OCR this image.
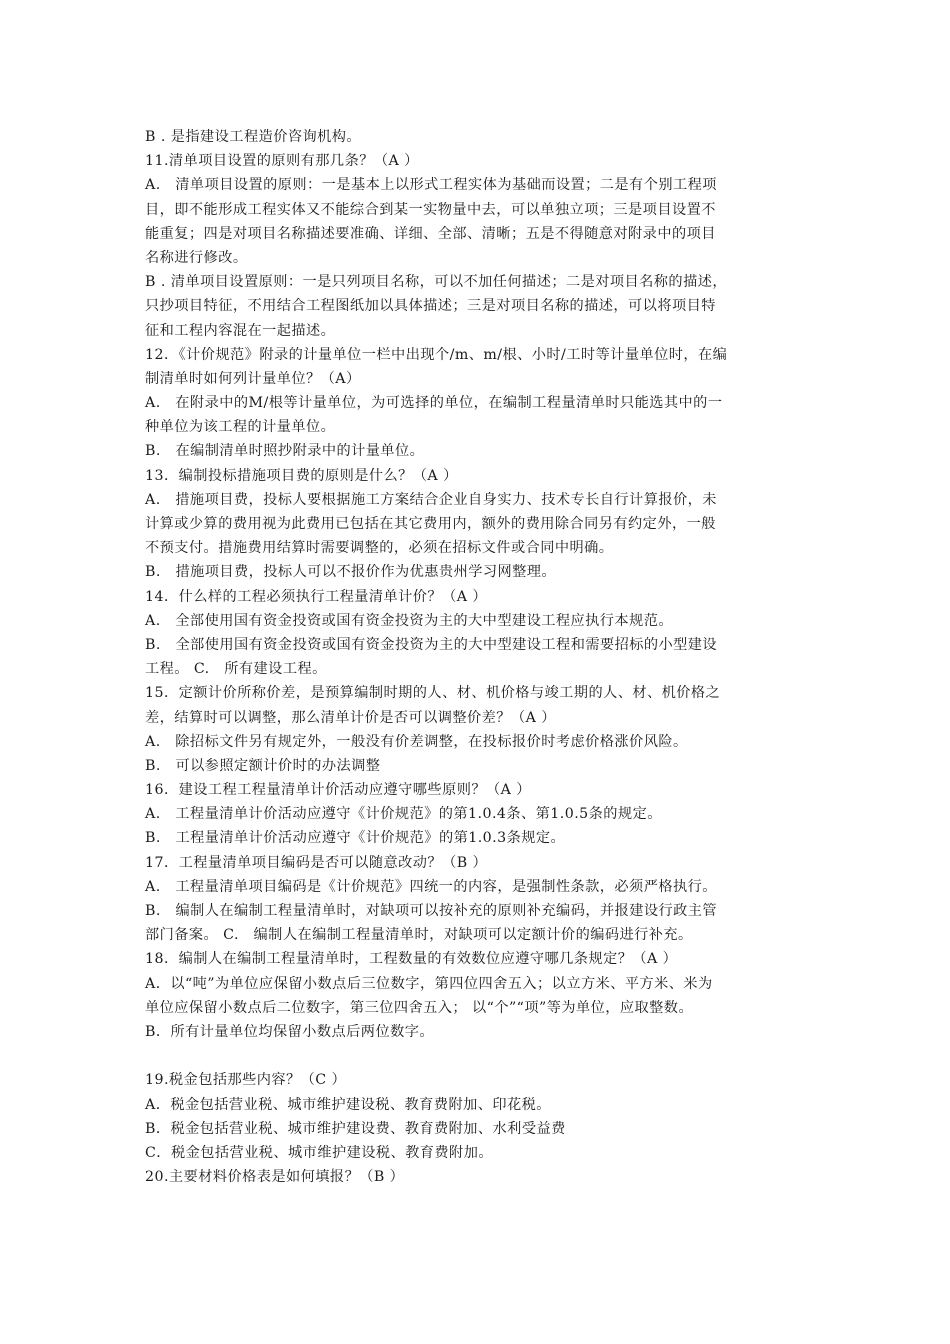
B . 是指建设工程造价咨询机构。
11.清单项目设置的原则有那几条？（A ）
A.　清单项目设置的原则：一是基本上以形式工程实体为基础而设置；二是有个别工程项
目，即不能形成工程实体又不能综合到某一实物量中去，可以单独立项；三是项目设置不
能重复；四是对项目名称描述要准确、详细、全部、清晰；五是不得随意对附录中的项目
名称进行修改。
B . 清单项目设置原则：一是只列项目名称，可以不加任何描述；二是对项目名称的描述，
只抄项目特征，不用结合工程图纸加以具体描述；三是对项目名称的描述，可以将项目特
征和工程内容混在一起描述。
12．《计价规范》附录的计量单位一栏中出现个/m、m/根、小时/工时等计量单位时，在编
制清单时如何列计量单位？（A）
A.　在附录中的M/根等计量单位，为可选择的单位，在编制工程量清单时只能选其中的一
种单位为该工程的计量单位。
B.　在编制清单时照抄附录中的计量单位。
13．编制投标措施项目费的原则是什么？（A ）
A.　措施项目费，投标人要根据施工方案结合企业自身实力、技术专长自行计算报价，未
计算或少算的费用视为此费用已包括在其它费用内，额外的费用除合同另有约定外，一般
不预支付。措施费用结算时需要调整的，必须在招标文件或合同中明确。
B.　措施项目费，投标人可以不报价作为优惠贵州学习网整理。
14．什么样的工程必须执行工程量清单计价？（A ）
A.　全部使用国有资金投资或国有资金投资为主的大中型建设工程应执行本规范。
B.　全部使用国有资金投资或国有资金投资为主的大中型建设工程和需要招标的小型建设
工程。 C.　所有建设工程。
15．定额计价所称价差，是预算编制时期的人、材、机价格与竣工期的人、材、机价格之
差，结算时可以调整，那么清单计价是否可以调整价差？（A ）
A.　除招标文件另有规定外，一般没有价差调整，在投标报价时考虑价格涨价风险。
B.　可以参照定额计价时的办法调整
16．建设工程工程量清单计价活动应遵守哪些原则？（A ）
A.　工程量清单计价活动应遵守《计价规范》的第1.0.4条、第1.0.5条的规定。
B.　工程量清单计价活动应遵守《计价规范》的第1.0.3条规定。
17．工程量清单项目编码是否可以随意改动？（B ）
A.　工程量清单项目编码是《计价规范》四统一的内容，是强制性条款，必须严格执行。
B.　编制人在编制工程量清单时，对缺项可以按补充的原则补充编码，并报建设行政主管
部门备案。 C.　编制人在编制工程量清单时，对缺项可以定额计价的编码进行补充。
18．编制人在编制工程量清单时，工程数量的有效数位应遵守哪几条规定？（A ）
A．以“吨”为单位应保留小数点后三位数字，第四位四舍五入；以立方米、平方米、米为
单位应保留小数点后二位数字，第三位四舍五入； 以“个”“项”等为单位，应取整数。
B．所有计量单位均保留小数点后两位数字。
19.税金包括那些内容？（C ）
A．税金包括营业税、城市维护建设税、教育费附加、印花税。
B．税金包括营业税、城市维护建设费、教育费附加、水利受益费
C．税金包括营业税、城市维护建设税、教育费附加。
20.主要材料价格表是如何填报？（B ）
